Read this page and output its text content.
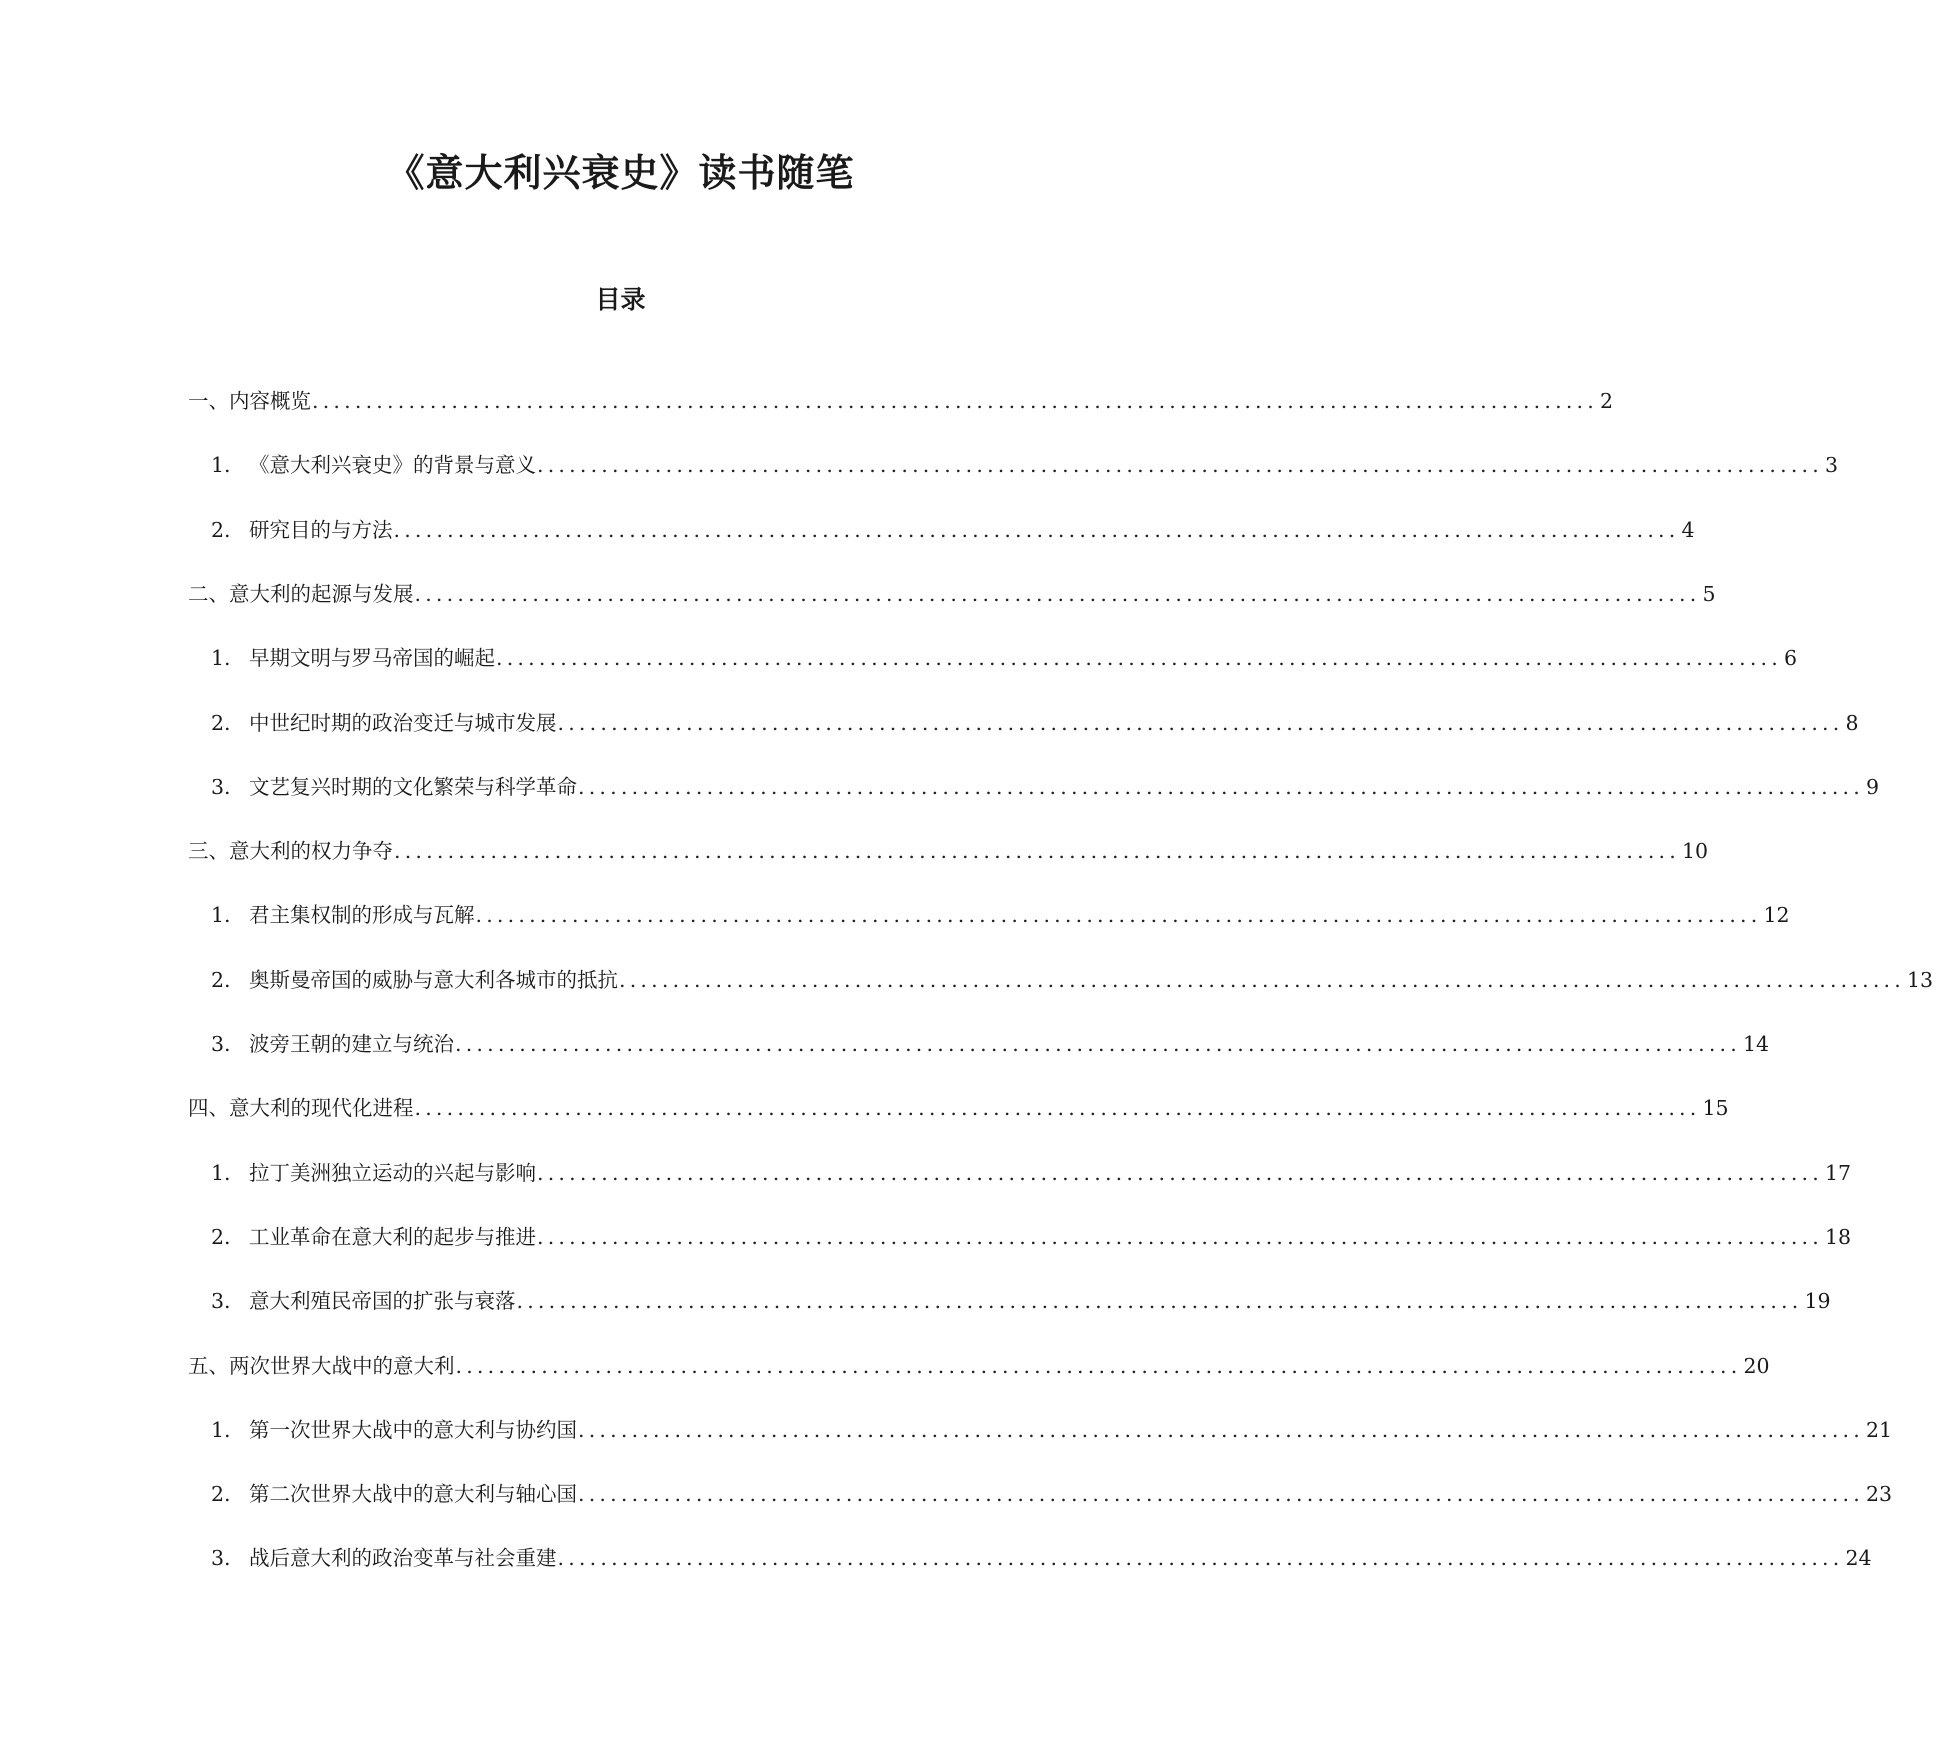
《意大利兴衰史》读书随笔
目录
一、内容概览 ........................................................................................................................ 2
1. 《意大利兴衰史》的背景与意义 ........................................................................................................................ 3
2. 研究目的与方法 ........................................................................................................................ 4
二、意大利的起源与发展 ........................................................................................................................ 5
1. 早期文明与罗马帝国的崛起 ........................................................................................................................ 6
2. 中世纪时期的政治变迁与城市发展 ........................................................................................................................ 8
3. 文艺复兴时期的文化繁荣与科学革命 ........................................................................................................................ 9
三、意大利的权力争夺 ........................................................................................................................ 10
1. 君主集权制的形成与瓦解 ........................................................................................................................ 12
2. 奥斯曼帝国的威胁与意大利各城市的抵抗 ........................................................................................................................ 13
3. 波旁王朝的建立与统治 ........................................................................................................................ 14
四、意大利的现代化进程 ........................................................................................................................ 15
1. 拉丁美洲独立运动的兴起与影响 ........................................................................................................................ 17
2. 工业革命在意大利的起步与推进 ........................................................................................................................ 18
3. 意大利殖民帝国的扩张与衰落 ........................................................................................................................ 19
五、两次世界大战中的意大利 ........................................................................................................................ 20
1. 第一次世界大战中的意大利与协约国 ........................................................................................................................ 21
2. 第二次世界大战中的意大利与轴心国 ........................................................................................................................ 23
3. 战后意大利的政治变革与社会重建 ........................................................................................................................ 24
